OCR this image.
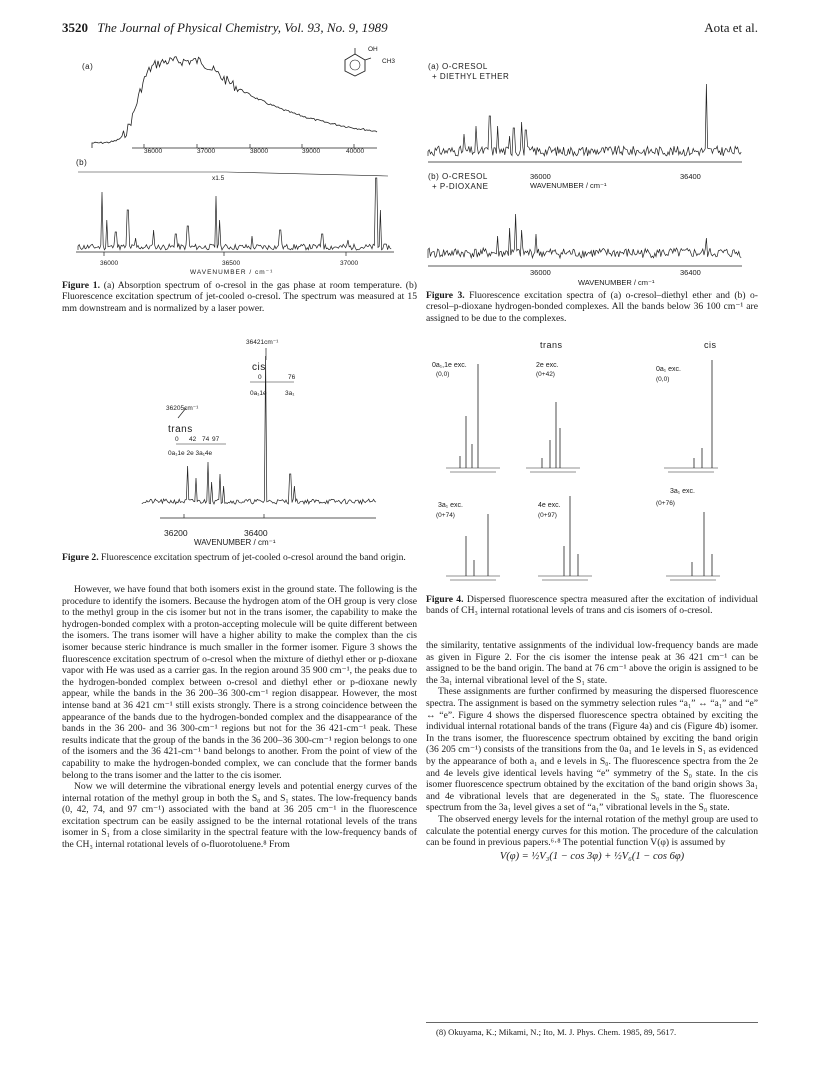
3520 The Journal of Physical Chemistry, Vol. 93, No. 9, 1989	Aota et al.
(a)
OH
CH3
36000	37000	38000	39000	40000
(b)
x1.5
36000	36500	37000
WAVENUMBER / cm⁻¹
Figure 1. (a) Absorption spectrum of o-cresol in the gas phase at room temperature. (b) Fluorescence excitation spectrum of jet-cooled o-cresol. The spectrum was measured at 15 mm downstream and is normalized by a laser power.
36421cm⁻¹
cis
0	76
0a₁1e	3a₁
36205cm⁻¹
trans
0 42 74 97
0a₁1e 2e 3a₁4e
36200	36400
WAVENUMBER / cm⁻¹
Figure 2. Fluorescence excitation spectrum of jet-cooled o-cresol around the band origin.

However, we have found that both isomers exist in the ground state. The following is the procedure to identify the isomers. Because the hydrogen atom of the OH group is very close to the methyl group in the cis isomer but not in the trans isomer, the capability to make the hydrogen-bonded complex with a proton-accepting molecule will be quite different between the isomers. The trans isomer will have a higher ability to make the complex than the cis isomer because steric hindrance is much smaller in the former isomer. Figure 3 shows the fluorescence excitation spectrum of o-cresol when the mixture of diethyl ether or p-dioxane vapor with He was used as a carrier gas. In the region around 35 900 cm⁻¹, the peaks due to the hydrogen-bonded complex between o-cresol and diethyl ether or p-dioxane newly appear, while the bands in the 36 200–36 300-cm⁻¹ region disappear. However, the most intense band at 36 421 cm⁻¹ still exists strongly. There is a strong coincidence between the appearance of the bands due to the hydrogen-bonded complex and the disappearance of the bands in the 36 200- and 36 300-cm⁻¹ regions but not for the 36 421-cm⁻¹ peak. These results indicate that the group of the bands in the 36 200–36 300-cm⁻¹ region belongs to one of the isomers and the 36 421-cm⁻¹ band belongs to another. From the point of view of the capability to make the hydrogen-bonded complex, we can conclude that the former bands belong to the trans isomer and the latter to the cis isomer.

Now we will determine the vibrational energy levels and potential energy curves of the internal rotation of the methyl group in both the S₀ and S₁ states. The low-frequency bands (0, 42, 74, and 97 cm⁻¹) associated with the band at 36 205 cm⁻¹ in the fluorescence excitation spectrum can be easily assigned to be the internal rotational levels of the trans isomer in S₁ from a close similarity in the spectral feature with the low-frequency bands of the CH₃ internal rotational levels of o-fluorotoluene.⁸ From

(a) O-CRESOL
+ DIETHYL ETHER
(b) O-CRESOL
+ P-DIOXANE
36000	36400
WAVENUMBER / cm⁻¹
36000	36400
WAVENUMBER / cm⁻¹
Figure 3. Fluorescence excitation spectra of (a) o-cresol–diethyl ether and (b) o-cresol–p-dioxane hydrogen-bonded complexes. All the bands below 36 100 cm⁻¹ are assigned to be due to the complexes.
trans	cis
0a₁,1e exc.
(0,0)
2e exc.
(0+42)
0a₁ exc.
(0,0)
3a₁ exc.
(0+74)
4e exc.
(0+97)
3a₁ exc.
(0+76)
Figure 4. Dispersed fluorescence spectra measured after the excitation of individual bands of CH₃ internal rotational levels of trans and cis isomers of o-cresol.

the similarity, tentative assignments of the individual low-frequency bands are made as given in Figure 2. For the cis isomer the intense peak at 36 421 cm⁻¹ can be assigned to be the band origin. The band at 76 cm⁻¹ above the origin is assigned to be the 3a₁ internal vibrational level of the S₁ state.

These assignments are further confirmed by measuring the dispersed fluorescence spectra. The assignment is based on the symmetry selection rules “a₁” ↔ “a₁” and “e” ↔ “e”. Figure 4 shows the dispersed fluorescence spectra obtained by exciting the individual internal rotational bands of the trans (Figure 4a) and cis (Figure 4b) isomer. In the trans isomer, the fluorescence spectrum obtained by exciting the band origin (36 205 cm⁻¹) consists of the transitions from the 0a₁ and 1e levels in S₁ as evidenced by the appearance of both a₁ and e levels in S₀. The fluorescence spectra from the 2e and 4e levels give identical levels having “e” symmetry of the S₀ state. In the cis isomer fluorescence spectrum obtained by the excitation of the band origin shows 3a₁ and 4e vibrational levels that are degenerated in the S₀ state. The fluorescence spectrum from the 3a₁ level gives a set of “a₁” vibrational levels in the S₀ state.

The observed energy levels for the internal rotation of the methyl group are used to calculate the potential energy curves for this motion. The procedure of the calculation can be found in previous papers.⁶·⁸ The potential function V(φ) is assumed by

V(φ) = ½V₃(1 − cos 3φ) + ½V₆(1 − cos 6φ)
(8) Okuyama, K.; Mikami, N.; Ito, M. J. Phys. Chem. 1985, 89, 5617.
